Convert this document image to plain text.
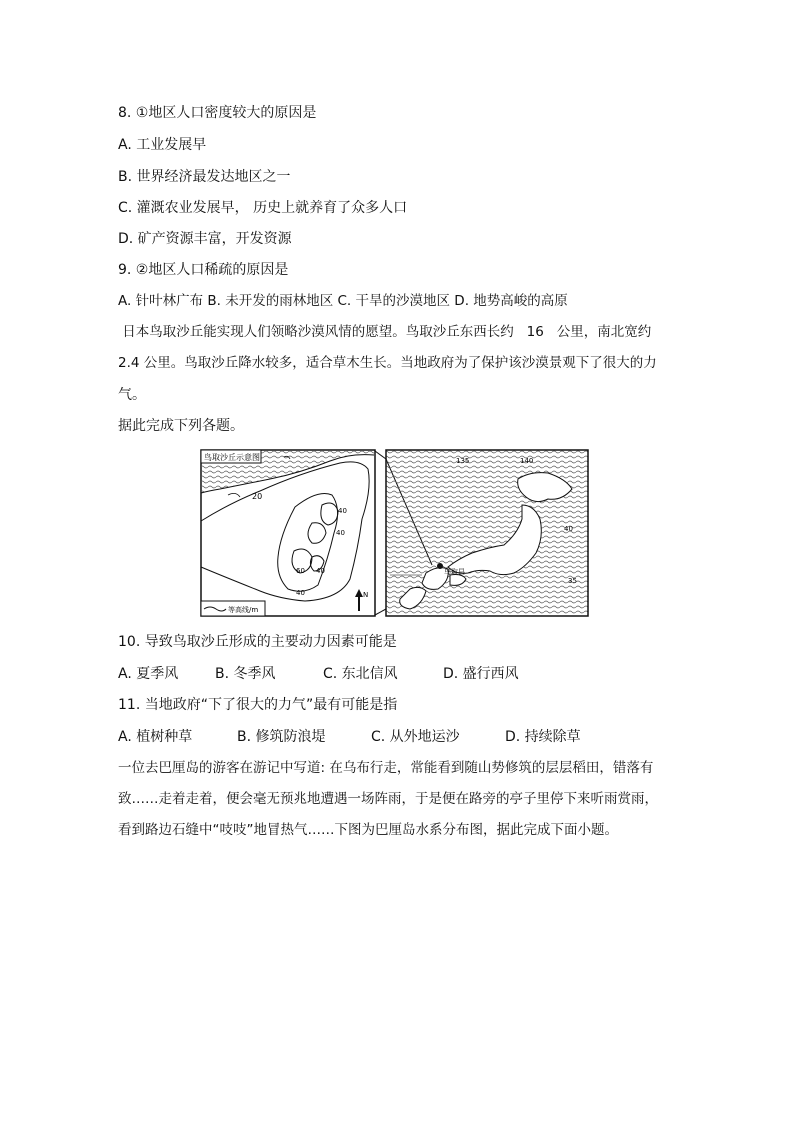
8. ①地区人口密度较大的原因是
A. 工业发展早
B. 世界经济最发达地区之一
C. 灌溉农业发展早， 历史上就养育了众多人口
D. 矿产资源丰富，开发资源
9. ②地区人口稀疏的原因是
A. 针叶林广布 B. 未开发的雨林地区 C. 干旱的沙漠地区 D. 地势高峻的高原
日本鸟取沙丘能实现人们领略沙漠风情的愿望。鸟取沙丘东西长约   16   公里，南北宽约
2.4 公里。鸟取沙丘降水较多，适合草木生长。当地政府为了保护该沙漠景观下了很大的力
气。
据此完成下列各题。
鸟取沙丘示意图
20
40
40
40
60
40
等高线/m
N
鸟取县
135	140
40
35
10. 导致鸟取沙丘形成的主要动力因素可能是
A. 夏季风	B. 冬季风	C. 东北信风	D. 盛行西风
11. 当地政府“下了很大的力气”最有可能是指
A. 植树种草	B. 修筑防浪堤	C. 从外地运沙	D. 持续除草
一位去巴厘岛的游客在游记中写道: 在乌布行走，常能看到随山势修筑的层层稻田，错落有
致……走着走着，便会毫无预兆地遭遇一场阵雨，于是便在路旁的亭子里停下来听雨赏雨，
看到路边石缝中“吱吱”地冒热气……下图为巴厘岛水系分布图，据此完成下面小题。
